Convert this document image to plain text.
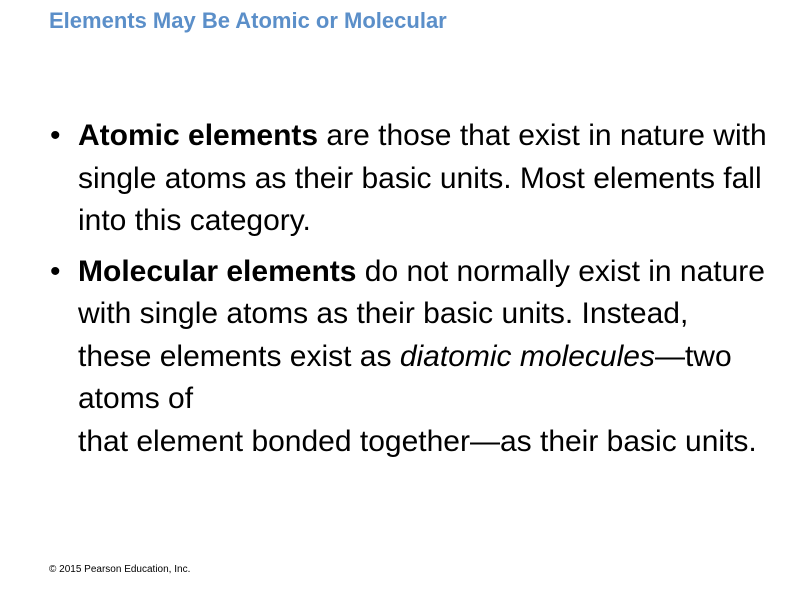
Elements May Be Atomic or Molecular
• Atomic elements are those that exist in nature with single atoms as their basic units. Most elements fall into this category.
• Molecular elements do not normally exist in nature with single atoms as their basic units. Instead, these elements exist as diatomic molecules—two atoms of
that element bonded together—as their basic units.
© 2015 Pearson Education, Inc.
